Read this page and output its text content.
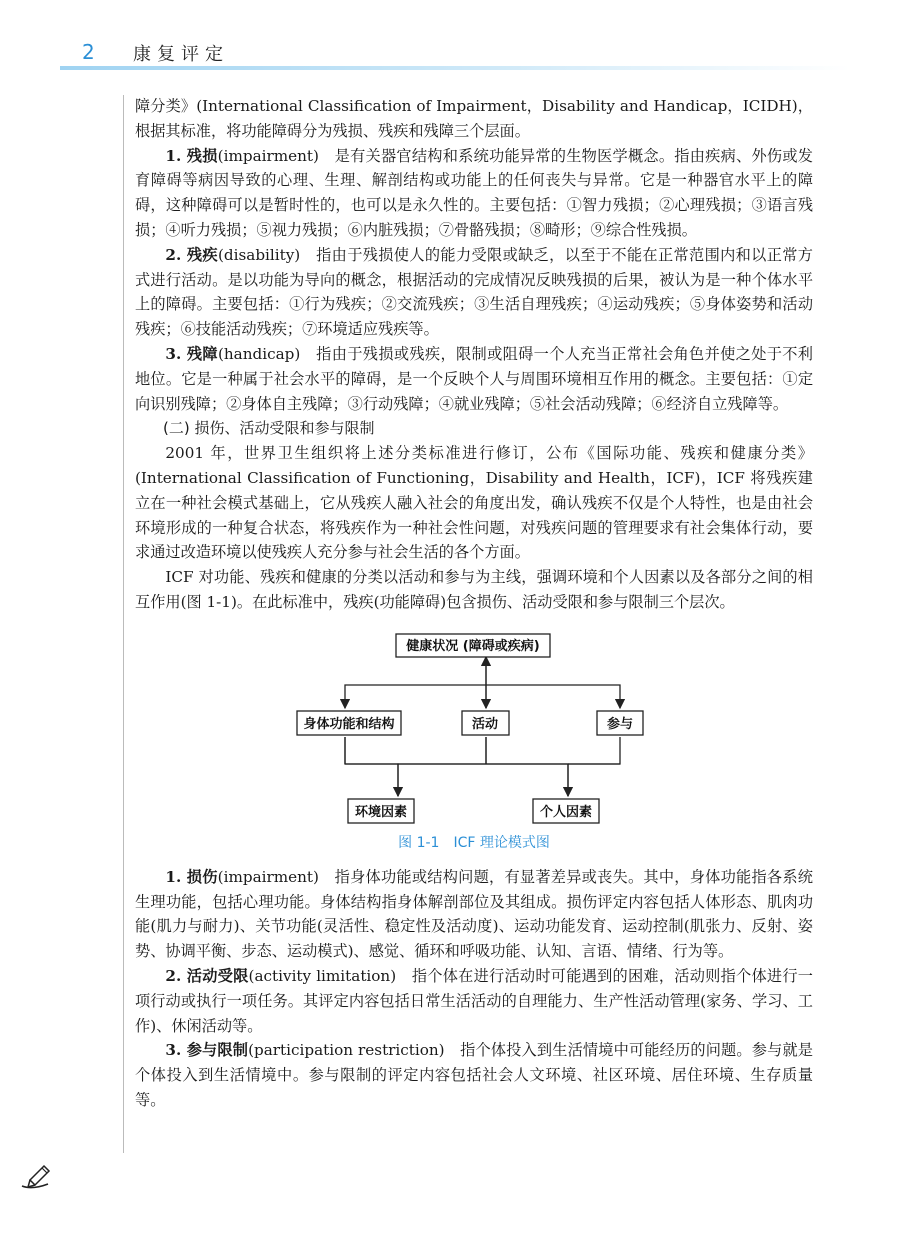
2 康复评定

障分类》(International Classification of Impairment，Disability and Handicap，ICIDH)，根据其标准，将功能障碍分为残损、残疾和残障三个层面。

1. 残损(impairment)　是有关器官结构和系统功能异常的生物医学概念。指由疾病、外伤或发育障碍等病因导致的心理、生理、解剖结构或功能上的任何丧失与异常。它是一种器官水平上的障碍，这种障碍可以是暂时性的，也可以是永久性的。主要包括：①智力残损；②心理残损；③语言残损；④听力残损；⑤视力残损；⑥内脏残损；⑦骨骼残损；⑧畸形；⑨综合性残损。

2. 残疾(disability)　指由于残损使人的能力受限或缺乏，以至于不能在正常范围内和以正常方式进行活动。是以功能为导向的概念，根据活动的完成情况反映残损的后果，被认为是一种个体水平上的障碍。主要包括：①行为残疾；②交流残疾；③生活自理残疾；④运动残疾；⑤身体姿势和活动残疾；⑥技能活动残疾；⑦环境适应残疾等。

3. 残障(handicap)　指由于残损或残疾，限制或阻碍一个人充当正常社会角色并使之处于不利地位。它是一种属于社会水平的障碍，是一个反映个人与周围环境相互作用的概念。主要包括：①定向识别残障；②身体自主残障；③行动残障；④就业残障；⑤社会活动残障；⑥经济自立残障等。

(二) 损伤、活动受限和参与限制

2001 年，世界卫生组织将上述分类标准进行修订，公布《国际功能、残疾和健康分类》(International Classification of Functioning，Disability and Health，ICF)，ICF 将残疾建立在一种社会模式基础上，它从残疾人融入社会的角度出发，确认残疾不仅是个人特性，也是由社会环境形成的一种复合状态，将残疾作为一种社会性问题，对残疾问题的管理要求有社会集体行动，要求通过改造环境以使残疾人充分参与社会生活的各个方面。

ICF 对功能、残疾和健康的分类以活动和参与为主线，强调环境和个人因素以及各部分之间的相互作用(图 1-1)。在此标准中，残疾(功能障碍)包含损伤、活动受限和参与限制三个层次。

健康状况 (障碍或疾病)
身体功能和结构	活动	参与
环境因素	个人因素
图 1-1　ICF 理论模式图

1. 损伤(impairment)　指身体功能或结构问题，有显著差异或丧失。其中，身体功能指各系统生理功能，包括心理功能。身体结构指身体解剖部位及其组成。损伤评定内容包括人体形态、肌肉功能(肌力与耐力)、关节功能(灵活性、稳定性及活动度)、运动功能发育、运动控制(肌张力、反射、姿势、协调平衡、步态、运动模式)、感觉、循环和呼吸功能、认知、言语、情绪、行为等。

2. 活动受限(activity limitation)　指个体在进行活动时可能遇到的困难，活动则指个体进行一项行动或执行一项任务。其评定内容包括日常生活活动的自理能力、生产性活动管理(家务、学习、工作)、休闲活动等。

3. 参与限制(participation restriction)　指个体投入到生活情境中可能经历的问题。参与就是个体投入到生活情境中。参与限制的评定内容包括社会人文环境、社区环境、居住环境、生存质量等。
